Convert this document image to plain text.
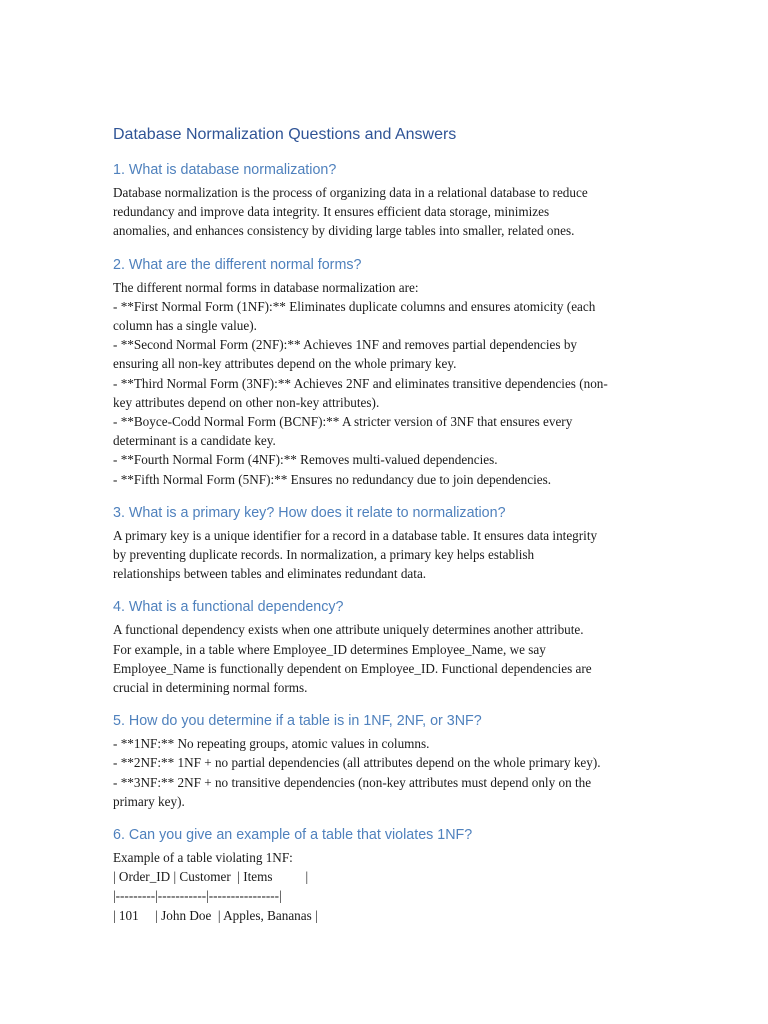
Database Normalization Questions and Answers
1. What is database normalization?
Database normalization is the process of organizing data in a relational database to reduce
redundancy and improve data integrity. It ensures efficient data storage, minimizes
anomalies, and enhances consistency by dividing large tables into smaller, related ones.
2. What are the different normal forms?
The different normal forms in database normalization are:
- **First Normal Form (1NF):** Eliminates duplicate columns and ensures atomicity (each
column has a single value).
- **Second Normal Form (2NF):** Achieves 1NF and removes partial dependencies by
ensuring all non-key attributes depend on the whole primary key.
- **Third Normal Form (3NF):** Achieves 2NF and eliminates transitive dependencies (non-
key attributes depend on other non-key attributes).
- **Boyce-Codd Normal Form (BCNF):** A stricter version of 3NF that ensures every
determinant is a candidate key.
- **Fourth Normal Form (4NF):** Removes multi-valued dependencies.
- **Fifth Normal Form (5NF):** Ensures no redundancy due to join dependencies.
3. What is a primary key? How does it relate to normalization?
A primary key is a unique identifier for a record in a database table. It ensures data integrity
by preventing duplicate records. In normalization, a primary key helps establish
relationships between tables and eliminates redundant data.
4. What is a functional dependency?
A functional dependency exists when one attribute uniquely determines another attribute.
For example, in a table where Employee_ID determines Employee_Name, we say
Employee_Name is functionally dependent on Employee_ID. Functional dependencies are
crucial in determining normal forms.
5. How do you determine if a table is in 1NF, 2NF, or 3NF?
- **1NF:** No repeating groups, atomic values in columns.
- **2NF:** 1NF + no partial dependencies (all attributes depend on the whole primary key).
- **3NF:** 2NF + no transitive dependencies (non-key attributes must depend only on the
primary key).
6. Can you give an example of a table that violates 1NF?
Example of a table violating 1NF:
| Order_ID | Customer  | Items          |
|---------|-----------|----------------|
| 101     | John Doe  | Apples, Bananas |
